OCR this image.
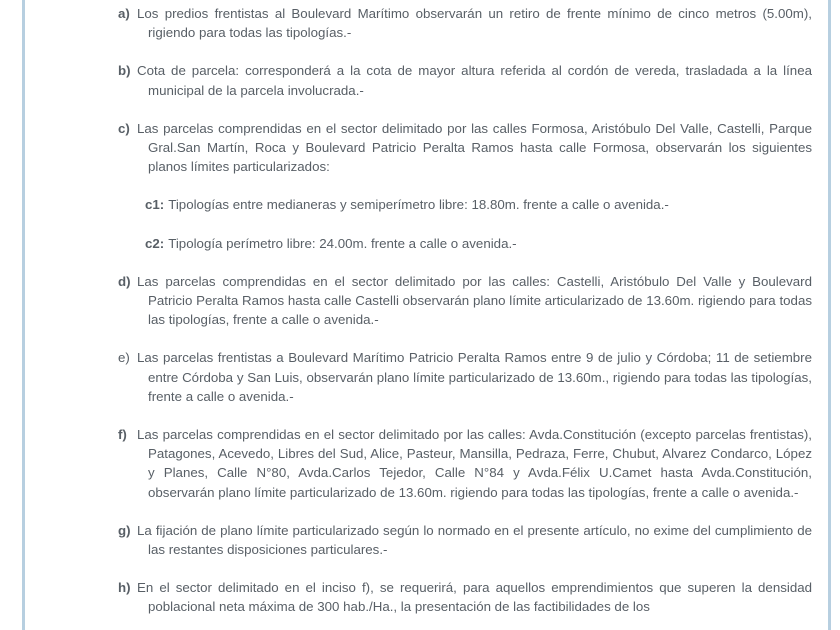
a) Los predios frentistas al Boulevard Marítimo observarán un retiro de frente mínimo de cinco metros (5.00m), rigiendo para todas las tipologías.-
b) Cota de parcela: corresponderá a la cota de mayor altura referida al cordón de vereda, trasladada a la línea municipal de la parcela involucrada.-
c) Las parcelas comprendidas en el sector delimitado por las calles Formosa, Aristóbulo Del Valle, Castelli, Parque Gral.San Martín, Roca y Boulevard Patricio Peralta Ramos hasta calle Formosa, observarán los siguientes planos límites particularizados:
c1: Tipologías entre medianeras y semiperímetro libre: 18.80m. frente a calle o avenida.-
c2: Tipología perímetro libre: 24.00m. frente a calle o avenida.-
d) Las parcelas comprendidas en el sector delimitado por las calles: Castelli, Aristóbulo Del Valle y Boulevard Patricio Peralta Ramos hasta calle Castelli observarán plano límite articularizado de 13.60m. rigiendo para todas las tipologías, frente a calle o avenida.-
e) Las parcelas frentistas a Boulevard Marítimo Patricio Peralta Ramos entre 9 de julio y Córdoba; 11 de setiembre entre Córdoba y San Luis, observarán plano límite particularizado de 13.60m., rigiendo para todas las tipologías, frente a calle o avenida.-
f) Las parcelas comprendidas en el sector delimitado por las calles: Avda.Constitución (excepto parcelas frentistas), Patagones, Acevedo, Libres del Sud, Alice, Pasteur, Mansilla, Pedraza, Ferre, Chubut, Alvarez Condarco, López y Planes, Calle N°80, Avda.Carlos Tejedor, Calle N°84 y Avda.Félix U.Camet hasta Avda.Constitución, observarán plano límite particularizado de 13.60m. rigiendo para todas las tipologías, frente a calle o avenida.-
g) La fijación de plano límite particularizado según lo normado en el presente artículo, no exime del cumplimiento de las restantes disposiciones particulares.-
h) En el sector delimitado en el inciso f), se requerirá, para aquellos emprendimientos que superen la densidad poblacional neta máxima de 300 hab./Ha., la presentación de las factibilidades de los
